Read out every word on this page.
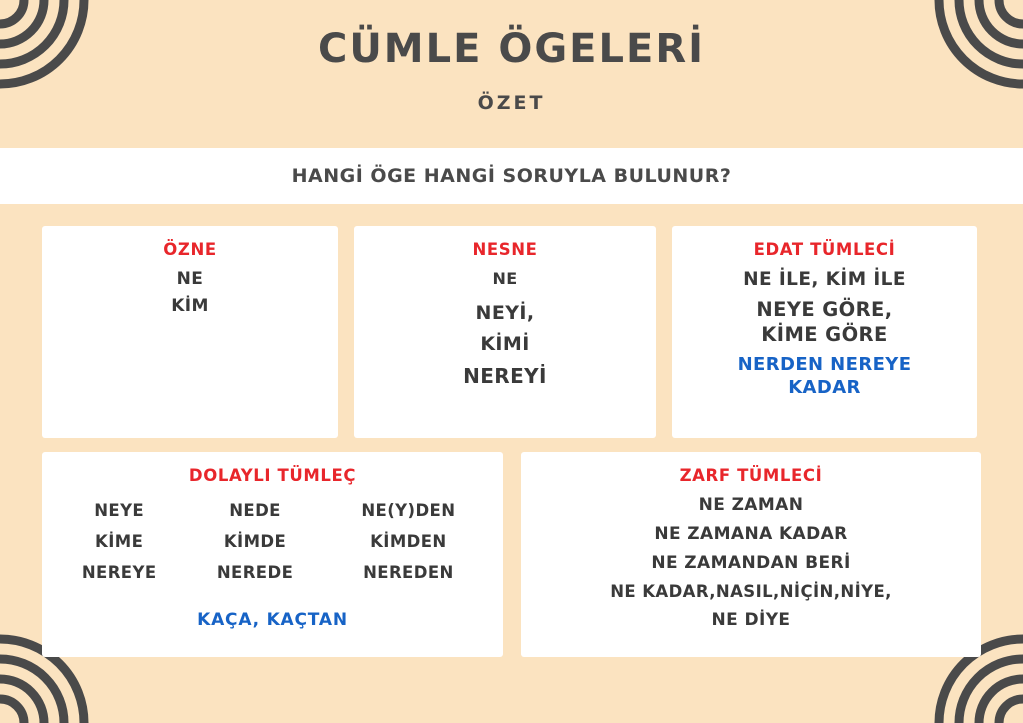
CÜMLE ÖGELERİ
ÖZET
HANGİ ÖGE HANGİ SORUYLA BULUNUR?
ÖZNE
NE
KİM
NESNE
NE
NEYİ,
KİMİ
NEREYİ
EDAT TÜMLECİ
NE İLE, KİM İLE
NEYE GÖRE,
KİME GÖRE
NERDEN NEREYE
KADAR
DOLAYLI TÜMLEÇ
NEYE	NEDE	NE(Y)DEN
KİME	KİMDE	KİMDEN
NEREYE	NEREDE	NEREDEN
KAÇA, KAÇTAN
ZARF TÜMLECİ
NE ZAMAN
NE ZAMANA KADAR
NE ZAMANDAN BERİ
NE KADAR,NASIL,NİÇİN,NİYE,
NE DİYE
